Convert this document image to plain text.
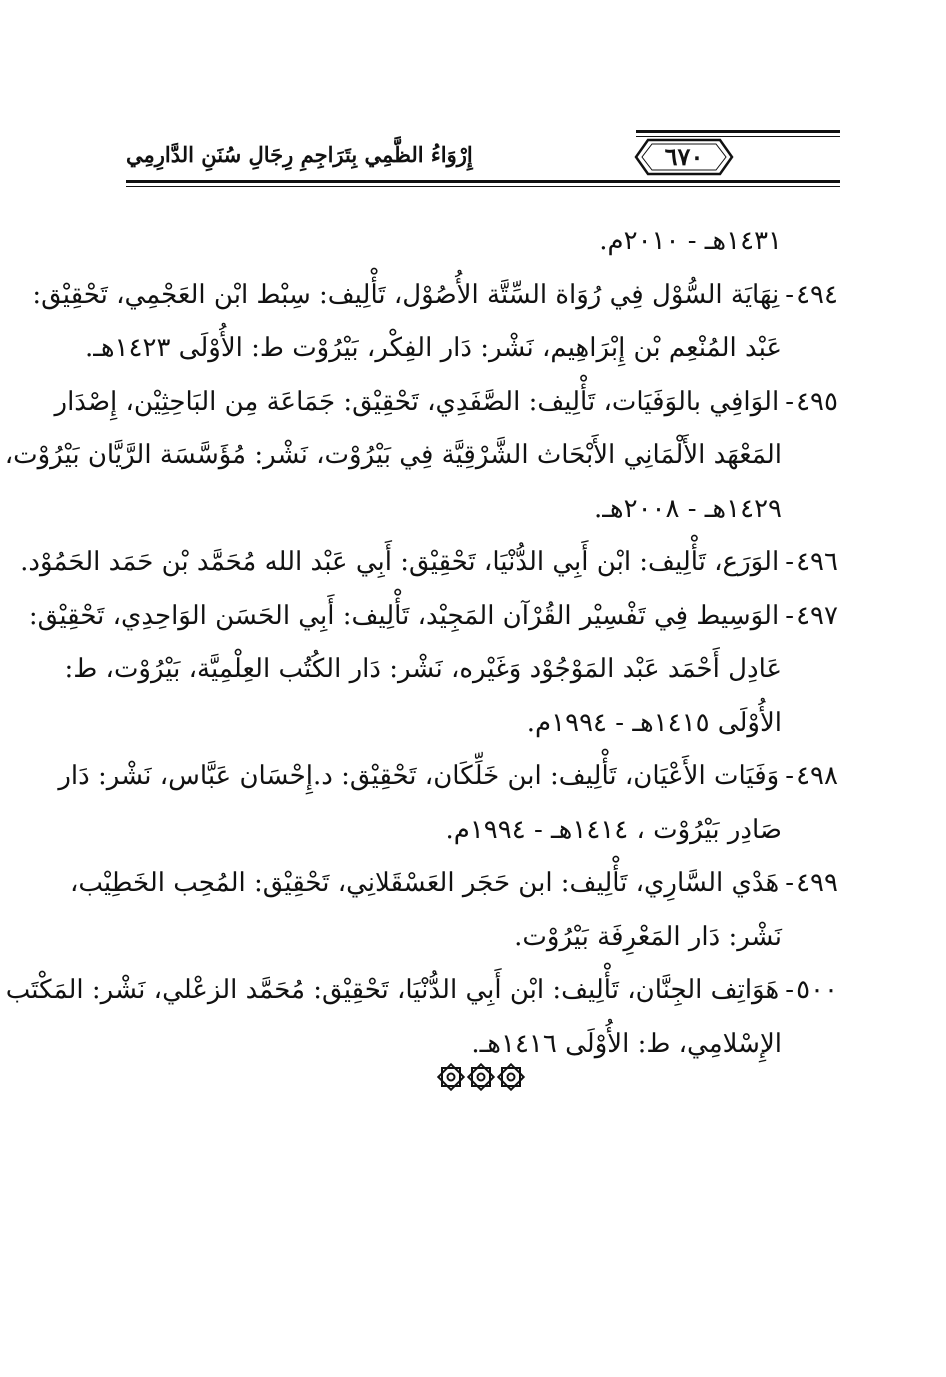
٦٧٠
إِرْوَاءُ الظَّمِي بِتَرَاجِمِ رِجَالِ سُنَنِ الدَّارِمِي
١٤٣١هـ - ٢٠١٠م.
٤٩٤-نِهَايَة السُّوْل فِي رُوَاة السِّتَّة الأُصُوْل، تَأْلِيف: سِبْط ابْن العَجْمِي، تَحْقِيْق:
عَبْد المُنْعِم بْن إِبْرَاهِيم، نَشْر: دَار الفِكْر، بَيْرُوْت ط: الأُوْلَى ١٤٢٣هـ.
٤٩٥-الوَافِي بالوَفَيَات، تَأْلِيف: الصَّفَدِي، تَحْقِيْق: جَمَاعَة مِن البَاحِثِيْن، إِصْدَار
المَعْهَد الأَلْمَانِي الأَبْحَاث الشَّرْقِيَّة فِي بَيْرُوْت، نَشْر: مُؤَسَّسَة الرَّيَّان بَيْرُوْت،
١٤٢٩هـ - ٢٠٠٨هـ.
٤٩٦-الوَرَع، تَأْلِيف: ابْن أَبِي الدُّنْيَا، تَحْقِيْق: أَبِي عَبْد الله مُحَمَّد بْن حَمَد الحَمُوْد.
٤٩٧-الوَسِيط فِي تَفْسِيْر القُرْآن المَجِيْد، تَأْلِيف: أَبِي الحَسَن الوَاحِدِي، تَحْقِيْق:
عَادِل أَحْمَد عَبْد المَوْجُوْد وَغَيْره، نَشْر: دَار الكُتُب العِلْمِيَّة، بَيْرُوْت، ط:
الأُوْلَى ١٤١٥هـ - ١٩٩٤م.
٤٩٨-وَفَيَات الأَعْيَان، تَأْلِيف: ابن خَلِّكَان، تَحْقِيْق: د.إِحْسَان عَبَّاس، نَشْر: دَار
صَادِر بَيْرُوْت ، ١٤١٤هـ - ١٩٩٤م.
٤٩٩-هَدْي السَّارِي، تَأْلِيف: ابن حَجَر العَسْقَلانِي، تَحْقِيْق: المُحِب الخَطِيْب،
نَشْر: دَار المَعْرِفَة بَيْرُوْت.
٥٠٠-هَوَاتِف الجِنَّان، تَأْلِيف: ابْن أَبِي الدُّنْيَا، تَحْقِيْق: مُحَمَّد الزعْلي، نَشْر: المَكْتَب
الإِسْلامِي، ط: الأُوْلَى ١٤١٦هـ.
